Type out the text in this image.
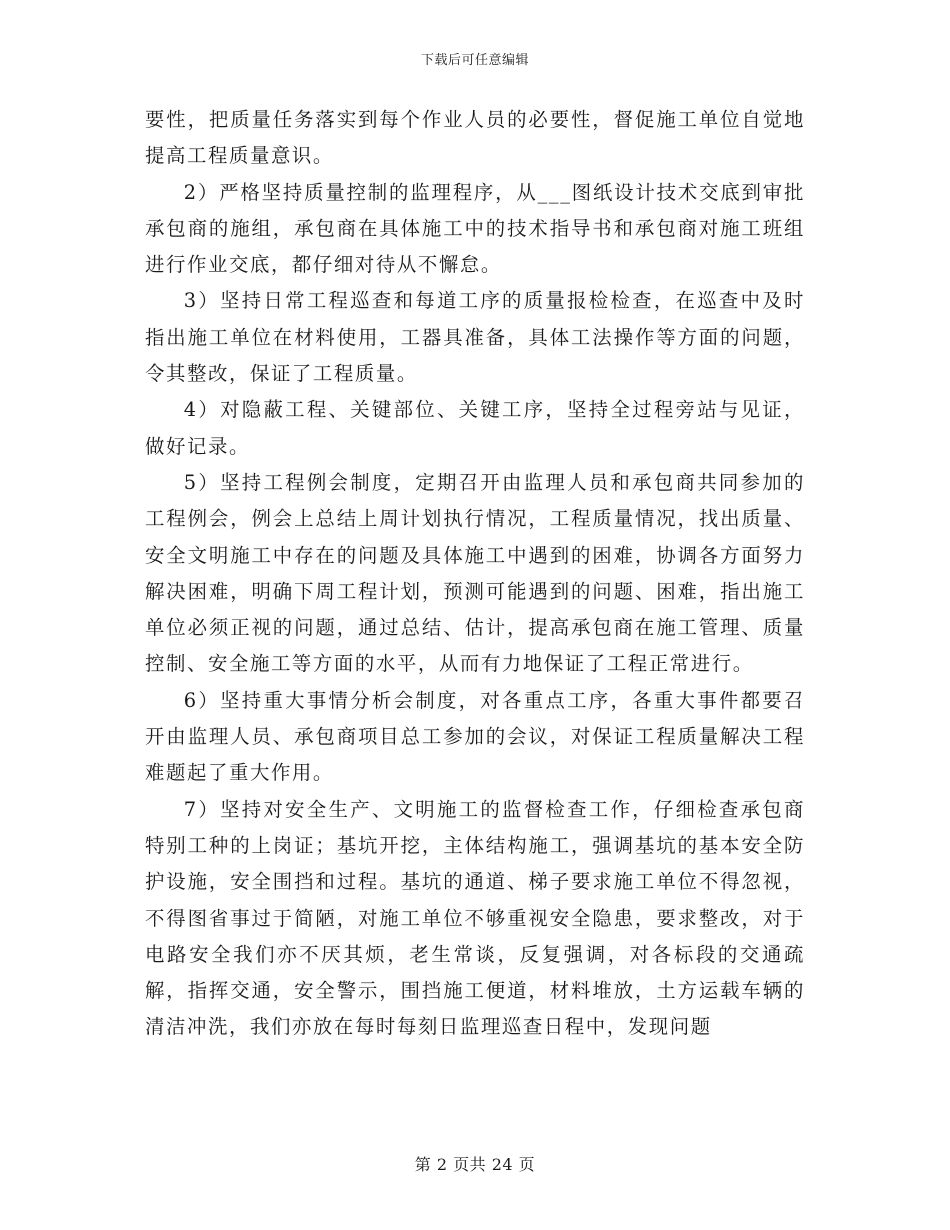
下载后可任意编辑

要性，把质量任务落实到每个作业人员的必要性，督促施工单位自觉地提高工程质量意识。

2）严格坚持质量控制的监理程序，从___图纸设计技术交底到审批承包商的施组，承包商在具体施工中的技术指导书和承包商对施工班组进行作业交底，都仔细对待从不懈怠。

3）坚持日常工程巡查和每道工序的质量报检检查，在巡查中及时指出施工单位在材料使用，工器具准备，具体工法操作等方面的问题，令其整改，保证了工程质量。

4）对隐蔽工程、关键部位、关键工序，坚持全过程旁站与见证，做好记录。

5）坚持工程例会制度，定期召开由监理人员和承包商共同参加的工程例会，例会上总结上周计划执行情况，工程质量情况，找出质量、安全文明施工中存在的问题及具体施工中遇到的困难，协调各方面努力解决困难，明确下周工程计划，预测可能遇到的问题、困难，指出施工单位必须正视的问题，通过总结、估计，提高承包商在施工管理、质量控制、安全施工等方面的水平，从而有力地保证了工程正常进行。

6）坚持重大事情分析会制度，对各重点工序，各重大事件都要召开由监理人员、承包商项目总工参加的会议，对保证工程质量解决工程难题起了重大作用。

7）坚持对安全生产、文明施工的监督检查工作，仔细检查承包商特别工种的上岗证；基坑开挖，主体结构施工，强调基坑的基本安全防护设施，安全围挡和过程。基坑的通道、梯子要求施工单位不得忽视，不得图省事过于简陋，对施工单位不够重视安全隐患，要求整改，对于电路安全我们亦不厌其烦，老生常谈，反复强调，对各标段的交通疏解，指挥交通，安全警示，围挡施工便道，材料堆放，土方运载车辆的清洁冲洗，我们亦放在每时每刻日监理巡查日程中，发现问题

第 2 页共 24 页
